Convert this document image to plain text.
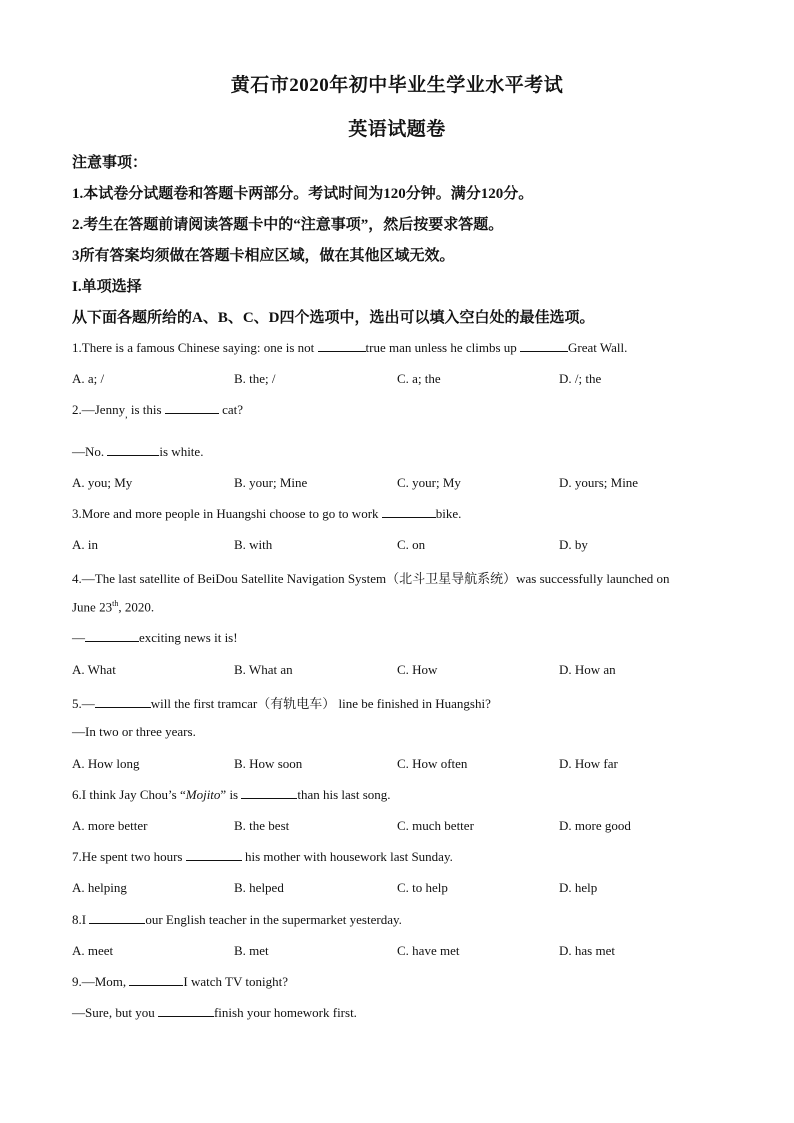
黄石市2020年初中毕业生学业水平考试
英语试题卷
注意事项：
1.本试卷分试题卷和答题卡两部分。考试时间为120分钟。满分120分。
2.考生在答题前请阅读答题卡中的“注意事项”，然后按要求答题。
3所有答案均须做在答题卡相应区域，做在其他区域无效。
I.单项选择
从下面各题所给的A、B、C、D四个选项中，选出可以填入空白处的最佳选项。
1.There is a famous Chinese saying: one is not	true man unless he climbs up	Great Wall.
A. a; /	B. the; /	C. a; the	D. /; the
2.—Jenny$_,$ is this	cat?
—No.	is white.
A. you; My	B. your; Mine	C. your; My	D. yours; Mine
3.More and more people in Huangshi choose to go to work	bike.
A. in	B. with	C. on	D. by
4.—The last satellite of BeiDou Satellite Navigation System（北斗卫星导航系统）was successfully launched on
June 23th, 2020.
—	exciting news it is!
A. What	B. What an	C. How	D. How an
5.—	will the first tramcar（有轨电车） line be finished in Huangshi?
—In two or three years.
A. How long	B. How soon	C. How often	D. How far
6.I think Jay Chou’s “Mojito” is	than his last song.
A. more better	B. the best	C. much better	D. more good
7.He spent two hours	his mother with housework last Sunday.
A. helping	B. helped	C. to help	D. help
8.I	our English teacher in the supermarket yesterday.
A. meet	B. met	C. have met	D. has met
9.—Mom,	I watch TV tonight?
—Sure, but you	finish your homework first.
